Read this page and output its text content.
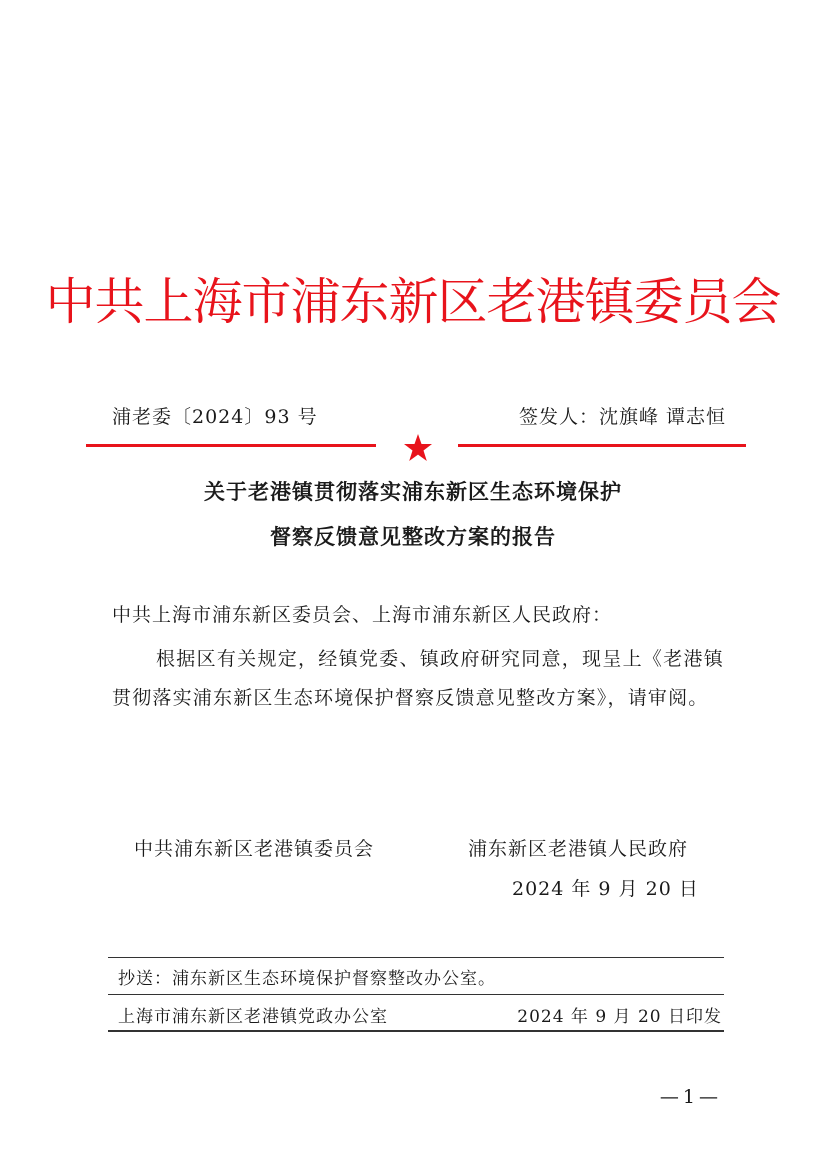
中共上海市浦东新区老港镇委员会
浦老委〔2024〕93 号	签发人：沈旗峰 谭志恒
关于老港镇贯彻落实浦东新区生态环境保护
督察反馈意见整改方案的报告
中共上海市浦东新区委员会、上海市浦东新区人民政府：
根据区有关规定，经镇党委、镇政府研究同意，现呈上《老港镇贯彻落实浦东新区生态环境保护督察反馈意见整改方案》，请审阅。
中共浦东新区老港镇委员会	浦东新区老港镇人民政府
2024 年 9 月 20 日
抄送：浦东新区生态环境保护督察整改办公室。
上海市浦东新区老港镇党政办公室	2024 年 9 月 20 日印发
—1—
